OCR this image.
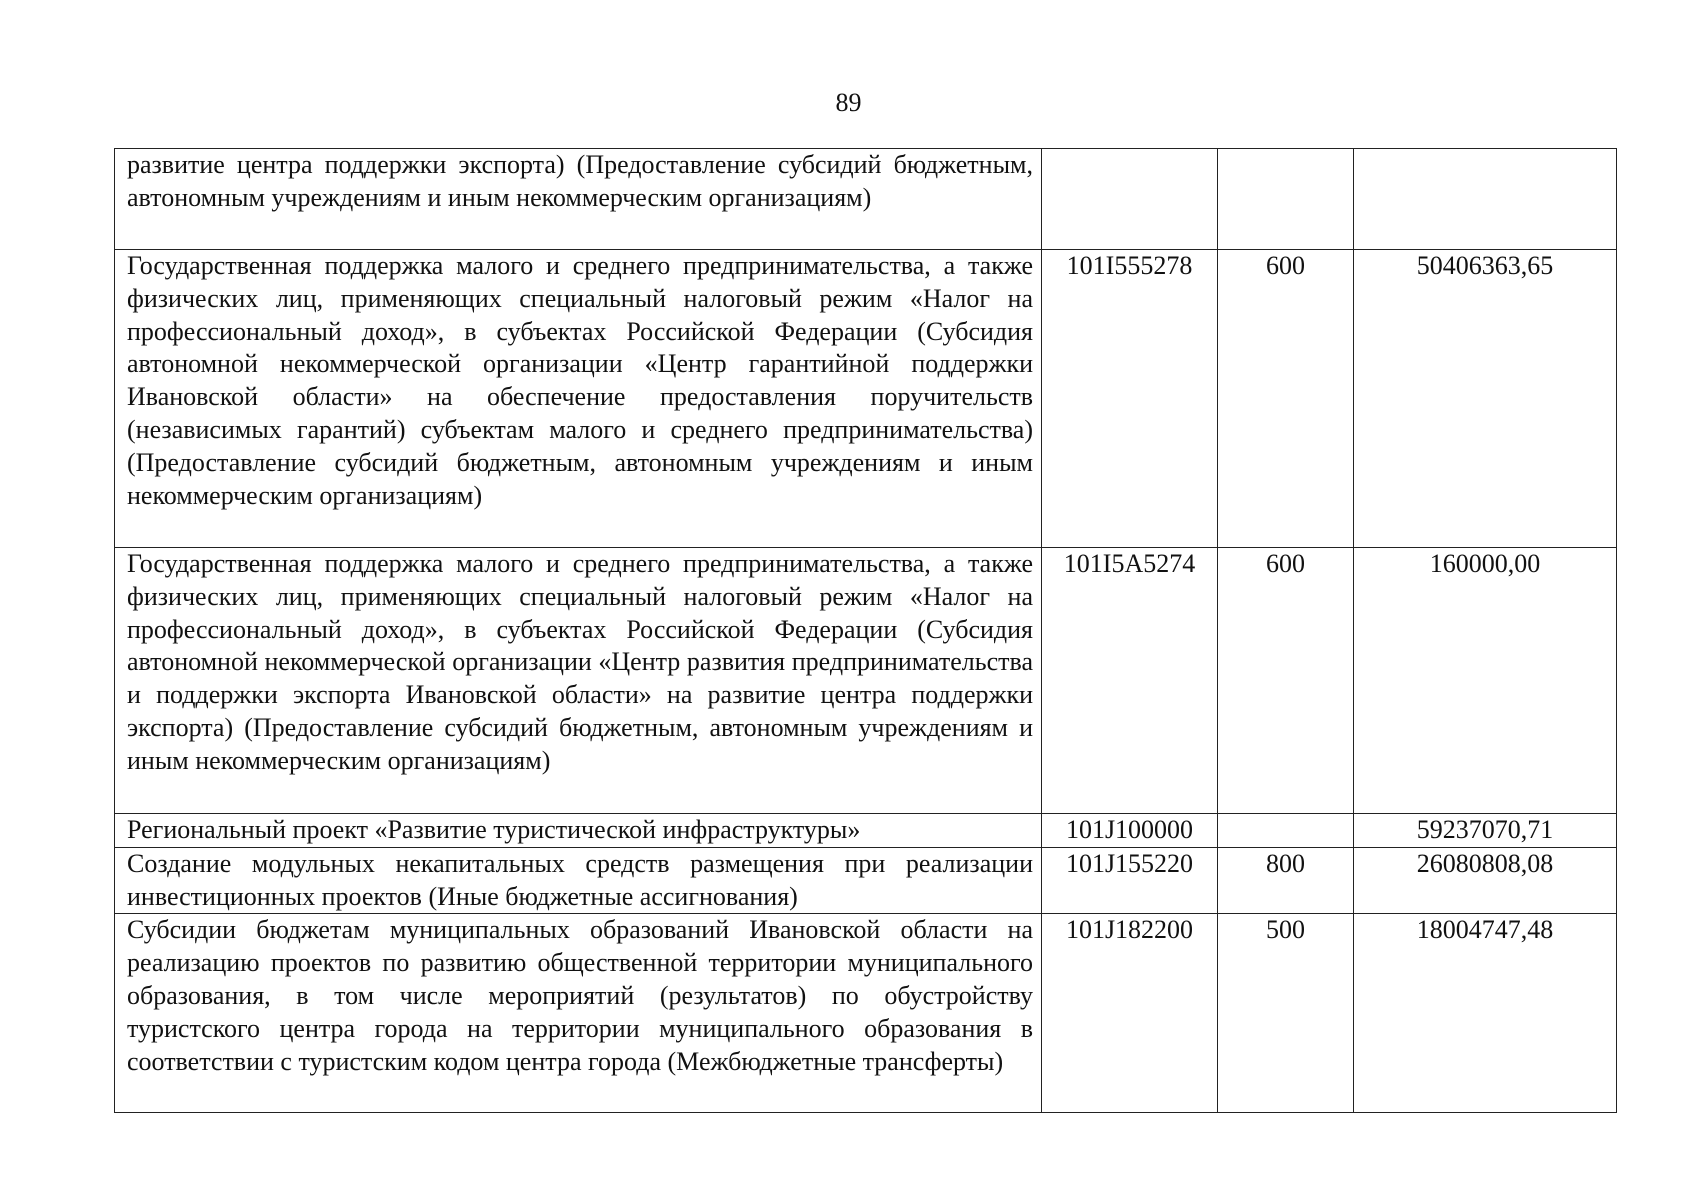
89
развитие центра поддержки экспорта) (Предоставление субсидий бюджетным, автономным учреждениям и иным некоммерческим организациям)			
Государственная поддержка малого и среднего предпринимательства, а также физических лиц, применяющих специальный налоговый режим «Налог на профессиональный доход», в субъектах Российской Федерации (Субсидия автономной некоммерческой организации «Центр гарантийной поддержки Ивановской области» на обеспечение предоставления поручительств (независимых гарантий) субъектам малого и среднего предпринимательства) (Предоставление субсидий бюджетным, автономным учреждениям и иным некоммерческим организациям)	101I555278	600	50406363,65
Государственная поддержка малого и среднего предпринимательства, а также физических лиц, применяющих специальный налоговый режим «Налог на профессиональный доход», в субъектах Российской Федерации (Субсидия автономной некоммерческой организации «Центр развития предпринимательства и поддержки экспорта Ивановской области» на развитие центра поддержки экспорта) (Предоставление субсидий бюджетным, автономным учреждениям и иным некоммерческим организациям)	101I5A5274	600	160000,00
Региональный проект «Развитие туристической инфраструктуры»	101J100000		59237070,71
Создание модульных некапитальных средств размещения при реализации инвестиционных проектов (Иные бюджетные ассигнования)	101J155220	800	26080808,08
Субсидии бюджетам муниципальных образований Ивановской области на реализацию проектов по развитию общественной территории муниципального образования, в том числе мероприятий (результатов) по обустройству туристского центра города на территории муниципального образования в соответствии с туристским кодом центра города (Межбюджетные трансферты)	101J182200	500	18004747,48
